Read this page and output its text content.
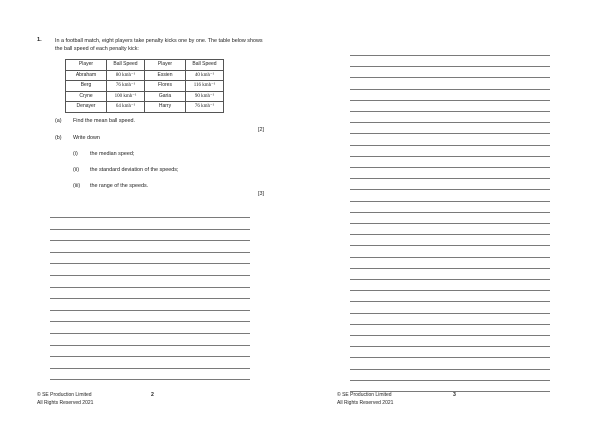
1. In a football match, eight players take penalty kicks one by one. The table below shows the ball speed of each penalty kick:
Player	Ball Speed	Player	Ball Speed
Abraham	80 kmh⁻¹	Essien	40 kmh⁻¹
Berg	76 kmh⁻¹	Flores	116 kmh⁻¹
Cryne	100 kmh⁻¹	Garia	90 kmh⁻¹
Denayer	64 kmh⁻¹	Harry	76 kmh⁻¹
(a) Find the mean ball speed.
[2]
(b) Write down
(i) the median speed;
(ii) the standard deviation of the speeds;
(iii) the range of the speeds.
[3]
© SE Production Limited
All Rights Reserved 2021
2	© SE Production Limited
All Rights Reserved 2021
3
